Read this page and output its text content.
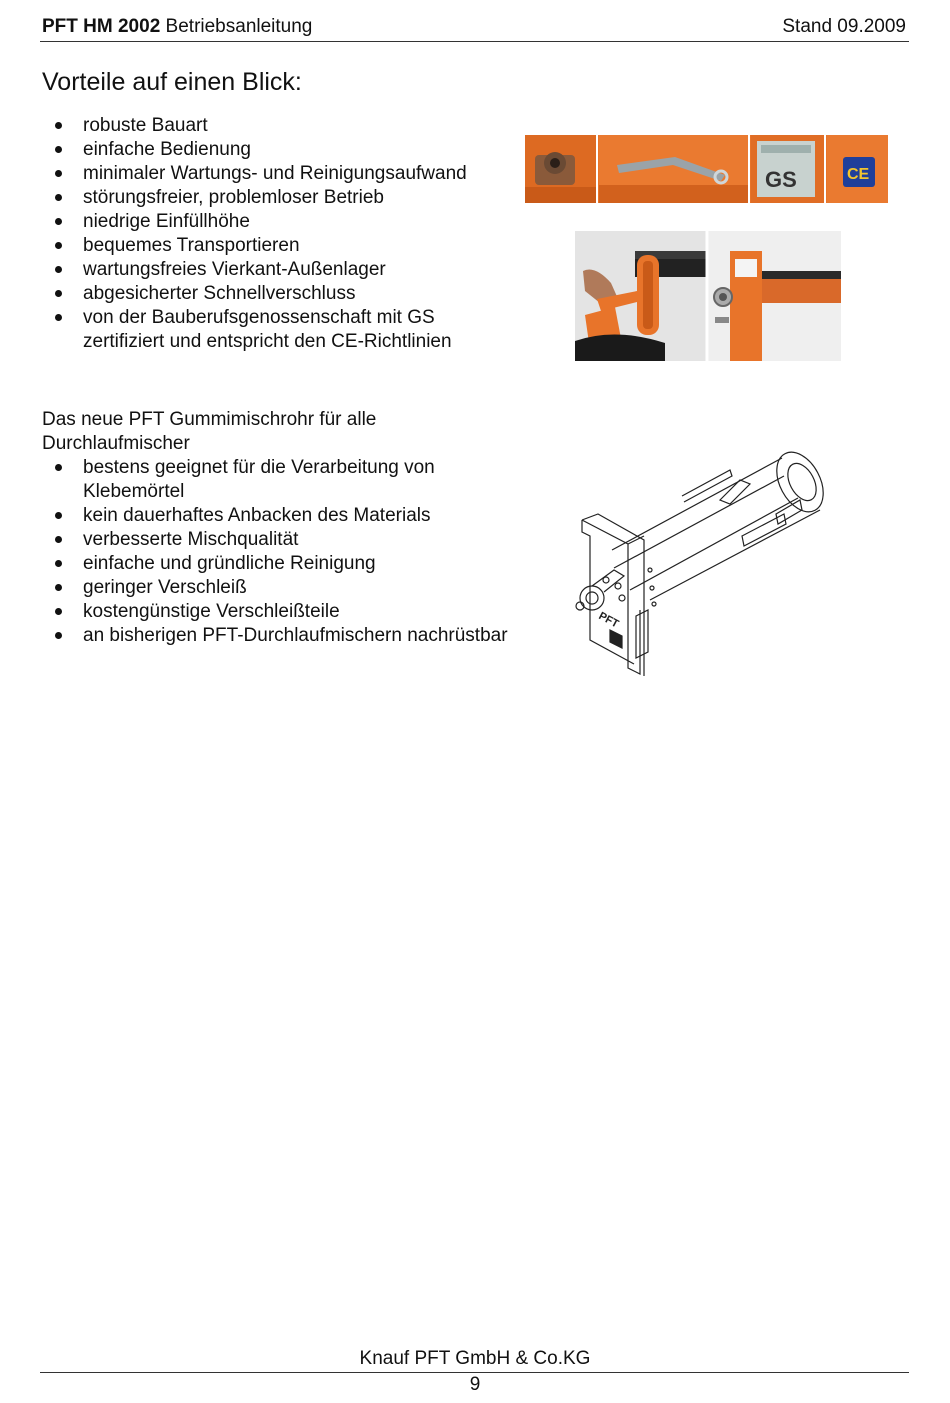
PFT HM 2002 Betriebsanleitung	Stand 09.2009
Vorteile auf einen Blick:
robuste Bauart
einfache Bedienung
minimaler Wartungs- und Reinigungsaufwand
störungsfreier, problemloser Betrieb
niedrige Einfüllhöhe
bequemes Transportieren
wartungsfreies Vierkant-Außenlager
abgesicherter Schnellverschluss
von der Bauberufsgenossenschaft mit GS zertifiziert und entspricht den CE-Richtlinien
GS	CE
Das neue PFT Gummimischrohr für alle Durchlaufmischer
bestens geeignet für die Verarbeitung von Klebemörtel
kein dauerhaftes Anbacken des Materials
verbesserte Mischqualität
einfache und gründliche Reinigung
geringer Verschleiß
kostengünstige Verschleißteile
an bisherigen PFT-Durchlaufmischern nachrüstbar
PFT
Knauf PFT GmbH & Co.KG
9
